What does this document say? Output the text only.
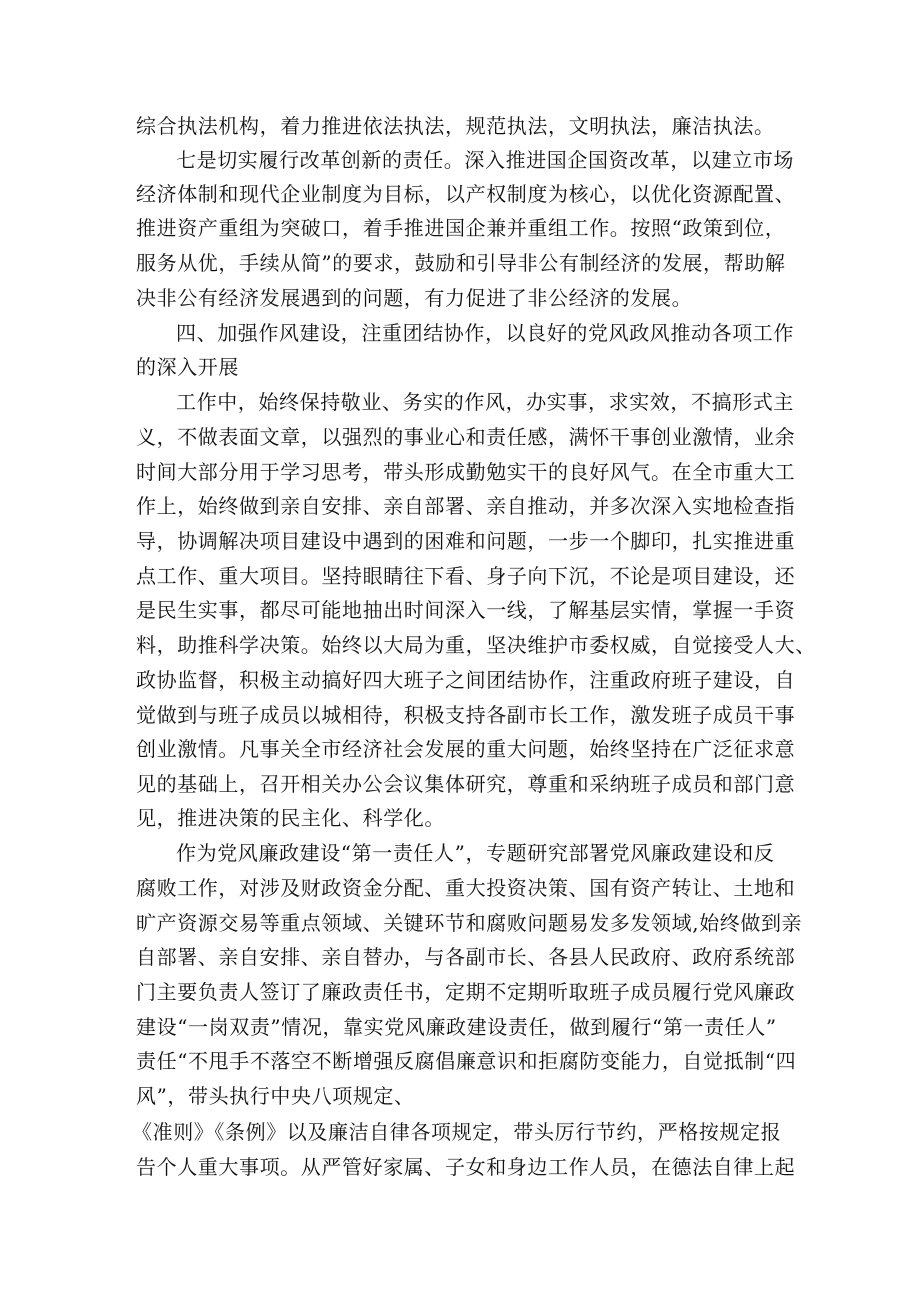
综合执法机构，着力推进依法执法，规范执法，文明执法，廉洁执法。
七是切实履行改革创新的责任。深入推进国企国资改革，以建立市场
经济体制和现代企业制度为目标，以产权制度为核心，以优化资源配置、
推进资产重组为突破口，着手推进国企兼并重组工作。按照“政策到位，
服务从优，手续从简”的要求，鼓励和引导非公有制经济的发展，帮助解
决非公有经济发展遇到的问题，有力促进了非公经济的发展。
四、加强作风建设，注重团结协作，以良好的党风政风推动各项工作
的深入开展
工作中，始终保持敬业、务实的作风，办实事，求实效，不搞形式主
义，不做表面文章，以强烈的事业心和责任感，满怀干事创业激情，业余
时间大部分用于学习思考，带头形成勤勉实干的良好风气。在全市重大工
作上，始终做到亲自安排、亲自部署、亲自推动，并多次深入实地检查指
导，协调解决项目建设中遇到的困难和问题，一步一个脚印，扎实推进重
点工作、重大项目。坚持眼睛往下看、身子向下沉，不论是项目建设，还
是民生实事，都尽可能地抽出时间深入一线，了解基层实情，掌握一手资
料，助推科学决策。始终以大局为重，坚决维护市委权威，自觉接受人大、
政协监督，积极主动搞好四大班子之间团结协作，注重政府班子建设，自
觉做到与班子成员以城相待，积极支持各副市长工作，激发班子成员干事
创业激情。凡事关全市经济社会发展的重大问题，始终坚持在广泛征求意
见的基础上，召开相关办公会议集体研究，尊重和采纳班子成员和部门意
见，推进决策的民主化、科学化。
作为党风廉政建设“第一责任人”，专题研究部署党风廉政建设和反
腐败工作，对涉及财政资金分配、重大投资决策、国有资产转让、土地和
旷产资源交易等重点领域、关键环节和腐败问题易发多发领域,始终做到亲
自部署、亲自安排、亲自替办，与各副市长、各县人民政府、政府系统部
门主要负责人签订了廉政责任书，定期不定期听取班子成员履行党风廉政
建设“一岗双责”情况，靠实党风廉政建设责任，做到履行“第一责任人”
责任“不甩手不落空不断增强反腐倡廉意识和拒腐防变能力，自觉抵制“四
风”，带头执行中央八项规定、
《准则》《条例》以及廉洁自律各项规定，带头厉行节约，严格按规定报
告个人重大事项。从严管好家属、子女和身边工作人员，在德法自律上起
